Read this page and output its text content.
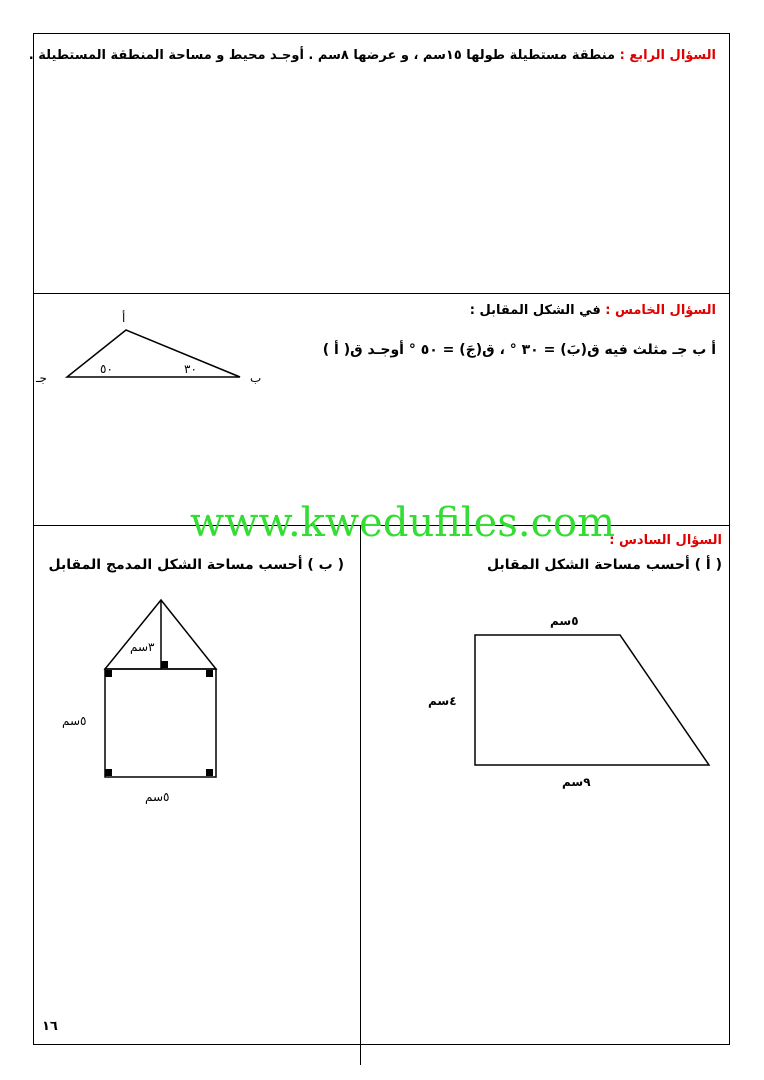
السؤال الرابع : منطقة مستطيلة طولها ١٥سم ، و عرضها ٨سم . أوجـد محيط و مساحة المنطقة المستطيلة .
السؤال الخامس : في الشكل المقابل :
أ ب جـ مثلث فيه ق(بَ) = ٣٠ ° ، ق(جَ) = ٥٠ ° أوجـد ق( أ )
أ
ب
جـ
٣٠
٥٠
www.kwedufiles.com
السؤال السادس :
( أ ) أحسب مساحة الشكل المقابل
( ب ) أحسب مساحة الشكل المدمج المقابل
٥سم
٤سم
٩سم
٣سم
٥سم
٥سم
١٦
